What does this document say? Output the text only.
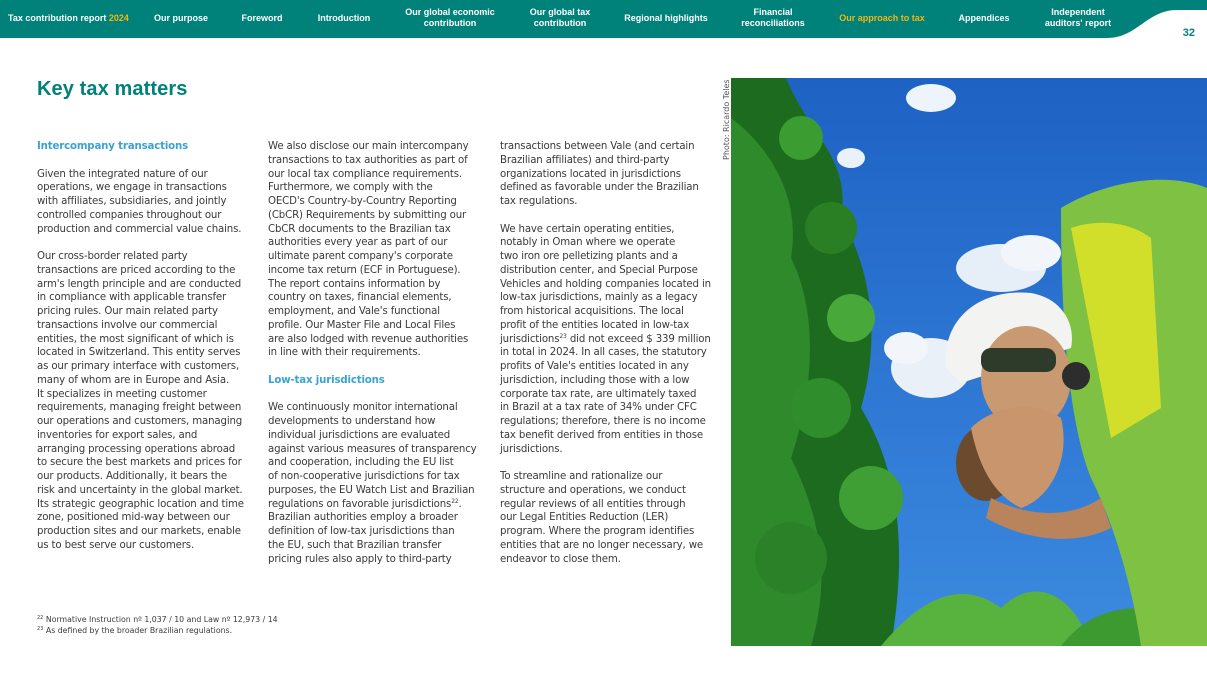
Tax contribution report
2024	Our purpose	Foreword	Introduction
Our global economic contribution
Our global tax contribution
Regional highlights
Financial reconciliations
Our approach to tax	Appendices
Independent auditors' report
32
Key tax matters
Intercompany transactions

Given the integrated nature of our
operations, we engage in transactions
with affiliates, subsidiaries, and jointly
controlled companies throughout our
production and commercial value chains.

Our cross-border related party
transactions are priced according to the
arm's length principle and are conducted
in compliance with applicable transfer
pricing rules. Our main related party
transactions involve our commercial
entities, the most significant of which is
located in Switzerland. This entity serves
as our primary interface with customers,
many of whom are in Europe and Asia.
It specializes in meeting customer
requirements, managing freight between
our operations and customers, managing
inventories for export sales, and
arranging processing operations abroad
to secure the best markets and prices for
our products. Additionally, it bears the
risk and uncertainty in the global market.
Its strategic geographic location and time
zone, positioned mid-way between our
production sites and our markets, enable
us to best serve our customers.

We also disclose our main intercompany
transactions to tax authorities as part of
our local tax compliance requirements.
Furthermore, we comply with the
OECD's Country-by-Country Reporting
(CbCR) Requirements by submitting our
CbCR documents to the Brazilian tax
authorities every year as part of our
ultimate parent company's corporate
income tax return (ECF in Portuguese).
The report contains information by
country on taxes, financial elements,
employment, and Vale's functional
profile. Our Master File and Local Files
are also lodged with revenue authorities
in line with their requirements.

Low-tax jurisdictions

We continuously monitor international
developments to understand how
individual jurisdictions are evaluated
against various measures of transparency
and cooperation, including the EU list
of non-cooperative jurisdictions for tax
purposes, the EU Watch List and Brazilian
regulations on favorable jurisdictions$^{22}$.
Brazilian authorities employ a broader
definition of low-tax jurisdictions than
the EU, such that Brazilian transfer
pricing rules also apply to third-party

transactions between Vale (and certain
Brazilian affiliates) and third-party
organizations located in jurisdictions
defined as favorable under the Brazilian
tax regulations.

We have certain operating entities,
notably in Oman where we operate
two iron ore pelletizing plants and a
distribution center, and Special Purpose
Vehicles and holding companies located in
low-tax jurisdictions, mainly as a legacy
from historical acquisitions. The local
profit of the entities located in low-tax
jurisdictions$^{23}$ did not exceed $ 339 million
in total in 2024. In all cases, the statutory
profits of Vale's entities located in any
jurisdiction, including those with a low
corporate tax rate, are ultimately taxed
in Brazil at a tax rate of 34% under CFC
regulations; therefore, there is no income
tax benefit derived from entities in those
jurisdictions.

To streamline and rationalize our
structure and operations, we conduct
regular reviews of all entities through
our Legal Entities Reduction (LER)
program. Where the program identifies
entities that are no longer necessary, we
endeavor to close them.

$^{22}$ Normative Instruction nº 1,037 / 10 and Law nº 12,973 / 14
$^{23}$ As defined by the broader Brazilian regulations.
Photo: Ricardo Teles
